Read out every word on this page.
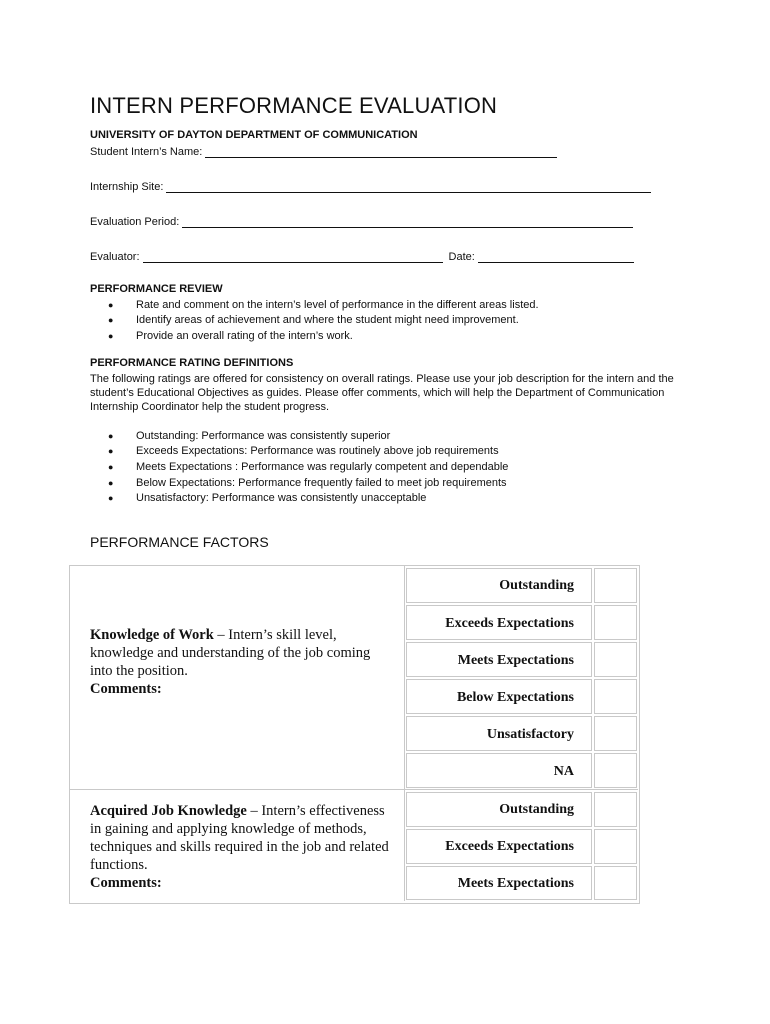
INTERN PERFORMANCE EVALUATION
UNIVERSITY OF DAYTON DEPARTMENT OF COMMUNICATION
Student Intern’s Name:
Internship Site:
Evaluation Period:
Evaluator:	Date:
PERFORMANCE REVIEW
●	Rate and comment on the intern’s level of performance in the different areas listed.
●	Identify areas of achievement and where the student might need improvement.
●	Provide an overall rating of the intern’s work.
PERFORMANCE RATING DEFINITIONS
The following ratings are offered for consistency on overall ratings. Please use your job description for the intern and the student’s Educational Objectives as guides. Please offer comments, which will help the Department of Communication Internship Coordinator help the student progress.
●	Outstanding: Performance was consistently superior
●	Exceeds Expectations: Performance was routinely above job requirements
●	Meets Expectations : Performance was regularly competent and dependable
●	Below Expectations: Performance frequently failed to meet job requirements
●	Unsatisfactory: Performance was consistently unacceptable
PERFORMANCE FACTORS
Knowledge of Work – Intern’s skill level, knowledge and understanding of the job coming into the position.
Comments:
Outstanding
Exceeds Expectations
Meets Expectations
Below Expectations
Unsatisfactory
NA
Acquired Job Knowledge – Intern’s effectiveness in gaining and applying knowledge of methods, techniques and skills required in the job and related functions.
Comments:
Outstanding
Exceeds Expectations
Meets Expectations
